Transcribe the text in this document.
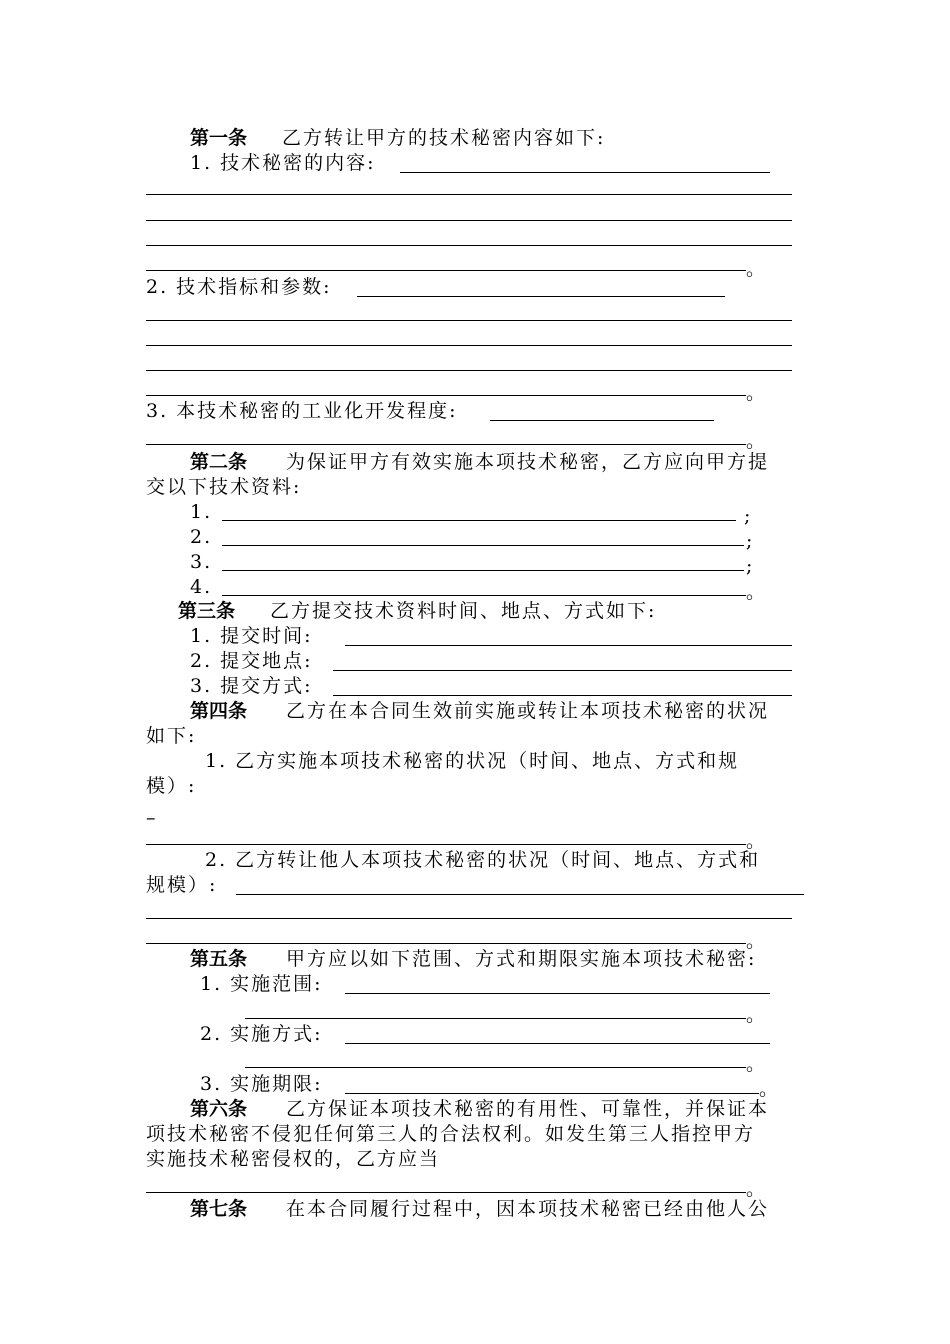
第一条 乙方转让甲方的技术秘密内容如下:
1. 技术秘密的内容:
。
2. 技术指标和参数:
。
3. 本技术秘密的工业化开发程度:
。
第二条 为保证甲方有效实施本项技术秘密，乙方应向甲方提
交以下技术资料:
1.	;
2.	;
3.	;
4.	。
第三条 乙方提交技术资料时间、地点、方式如下:
1. 提交时间:
2. 提交地点:
3. 提交方式:
第四条 乙方在本合同生效前实施或转让本项技术秘密的状况
如下:
1. 乙方实施本项技术秘密的状况（时间、地点、方式和规
模）:
–
。
2. 乙方转让他人本项技术秘密的状况（时间、地点、方式和
规模）:
。
第五条 甲方应以如下范围、方式和期限实施本项技术秘密:
1. 实施范围:
。
2. 实施方式:
。
3. 实施期限:	。
第六条 乙方保证本项技术秘密的有用性、可靠性，并保证本
项技术秘密不侵犯任何第三人的合法权利。如发生第三人指控甲方
实施技术秘密侵权的，乙方应当
。
第七条 在本合同履行过程中，因本项技术秘密已经由他人公
